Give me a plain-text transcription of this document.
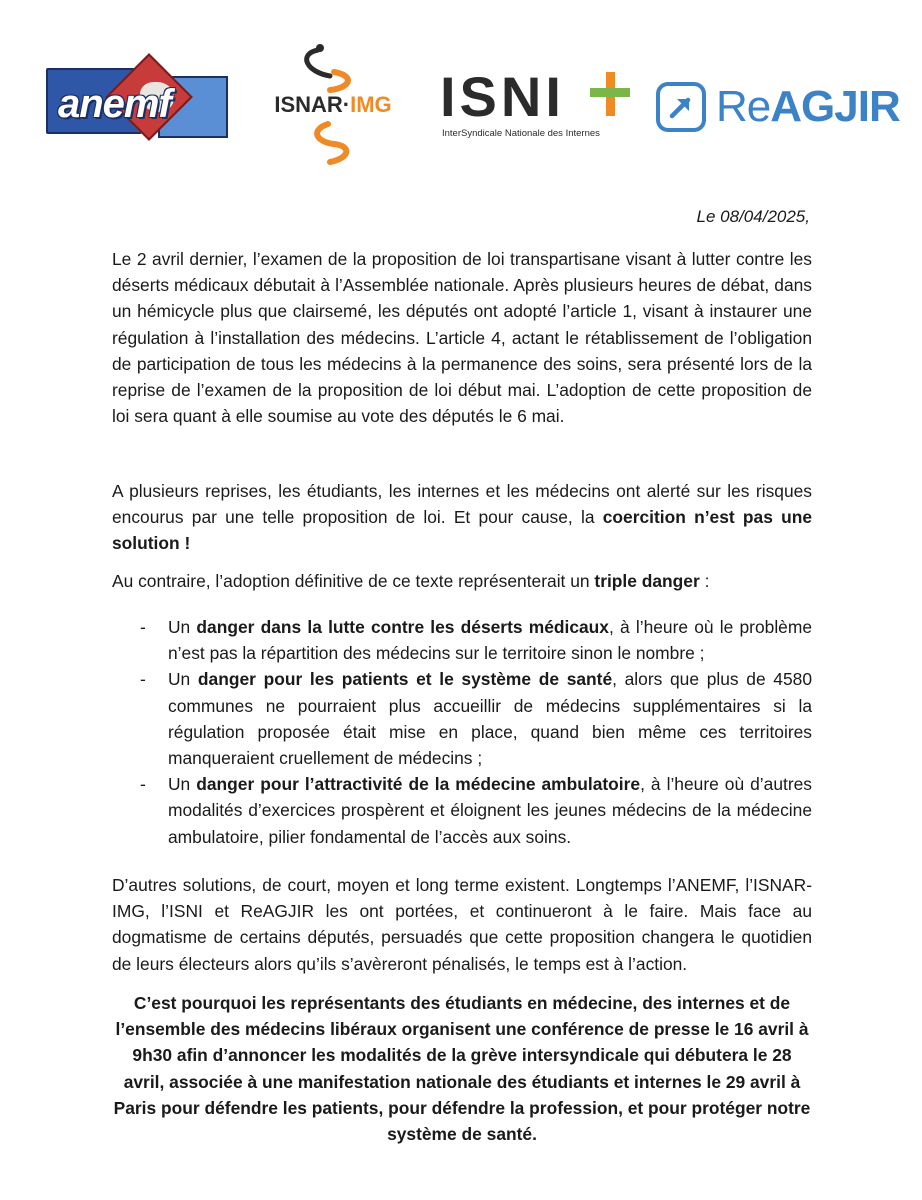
anemf	ISNAR·IMG ISNI
InterSyndicale Nationale des Internes
ReAGJIR
Le 08/04/2025,

Le 2 avril dernier, l’examen de la proposition de loi transpartisane visant à lutter contre les déserts médicaux débutait à l’Assemblée nationale. Après plusieurs heures de débat, dans un hémicycle plus que clairsemé, les députés ont adopté l’article 1, visant à instaurer une régulation à l’installation des médecins. L’article 4, actant le rétablissement de l’obligation de participation de tous les médecins à la permanence des soins, sera présenté lors de la reprise de l’examen de la proposition de loi début mai. L’adoption de cette proposition de loi sera quant à elle soumise au vote des députés le 6 mai.

A plusieurs reprises, les étudiants, les internes et les médecins ont alerté sur les risques encourus par une telle proposition de loi. Et pour cause, la coercition n’est pas une solution !

Au contraire, l’adoption définitive de ce texte représenterait un triple danger :

- Un danger dans la lutte contre les déserts médicaux, à l’heure où le problème n’est pas la répartition des médecins sur le territoire sinon le nombre ;
- Un danger pour les patients et le système de santé, alors que plus de 4580 communes ne pourraient plus accueillir de médecins supplémentaires si la régulation proposée était mise en place, quand bien même ces territoires manqueraient cruellement de médecins ;
- Un danger pour l’attractivité de la médecine ambulatoire, à l’heure où d’autres modalités d’exercices prospèrent et éloignent les jeunes médecins de la médecine ambulatoire, pilier fondamental de l’accès aux soins.

D’autres solutions, de court, moyen et long terme existent. Longtemps l’ANEMF, l’ISNAR-IMG, l’ISNI et ReAGJIR les ont portées, et continueront à le faire. Mais face au dogmatisme de certains députés, persuadés que cette proposition changera le quotidien de leurs électeurs alors qu’ils s’avèreront pénalisés, le temps est à l’action.

C’est pourquoi les représentants des étudiants en médecine, des internes et de l’ensemble des médecins libéraux organisent une conférence de presse le 16 avril à 9h30 afin d’annoncer les modalités de la grève intersyndicale qui débutera le 28 avril, associée à une manifestation nationale des étudiants et internes le 29 avril à Paris pour défendre les patients, pour défendre la profession, et pour protéger notre système de santé.
